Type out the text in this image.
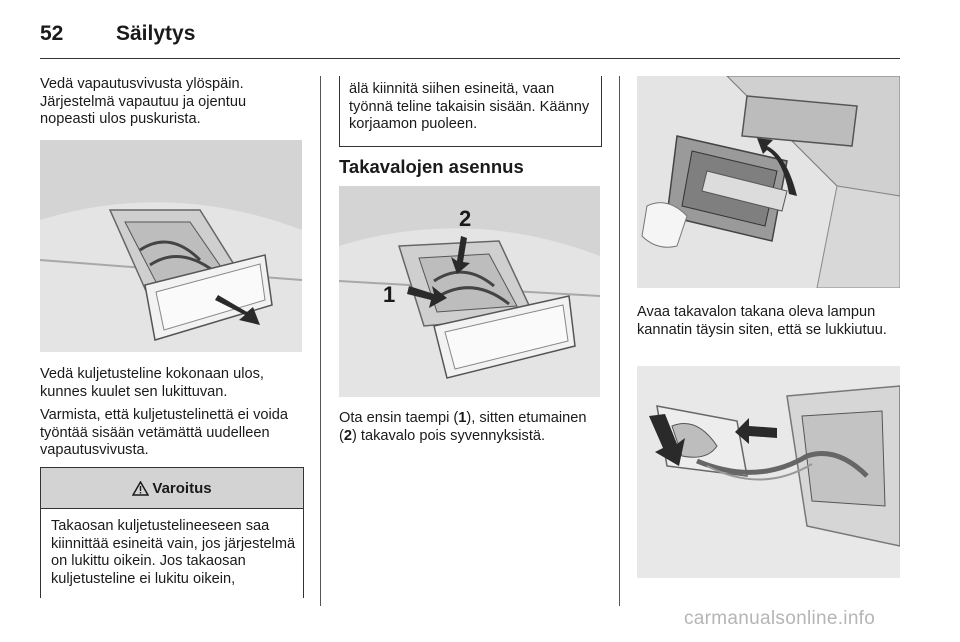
52	Säilytys
Vedä vapautusvivusta ylöspäin. Järjestelmä vapautuu ja ojentuu nopeasti ulos puskurista.
Vedä kuljetusteline kokonaan ulos, kunnes kuulet sen lukittuvan.
Varmista, että kuljetustelinettä ei voida työntää sisään vetämättä uudelleen vapautusvivusta.
Varoitus
Takaosan kuljetustelineeseen saa kiinnittää esineitä vain, jos järjestelmä on lukittu oikein. Jos takaosan kuljetusteline ei lukitu oikein,
älä kiinnitä siihen esineitä, vaan työnnä teline takaisin sisään. Käänny korjaamon puoleen.
Takavalojen asennus
1
2
Ota ensin taempi (1), sitten etumainen (2) takavalo pois syvennyksistä.
Avaa takavalon takana oleva lampun kannatin täysin siten, että se lukkiutuu.
carmanualsonline.info
